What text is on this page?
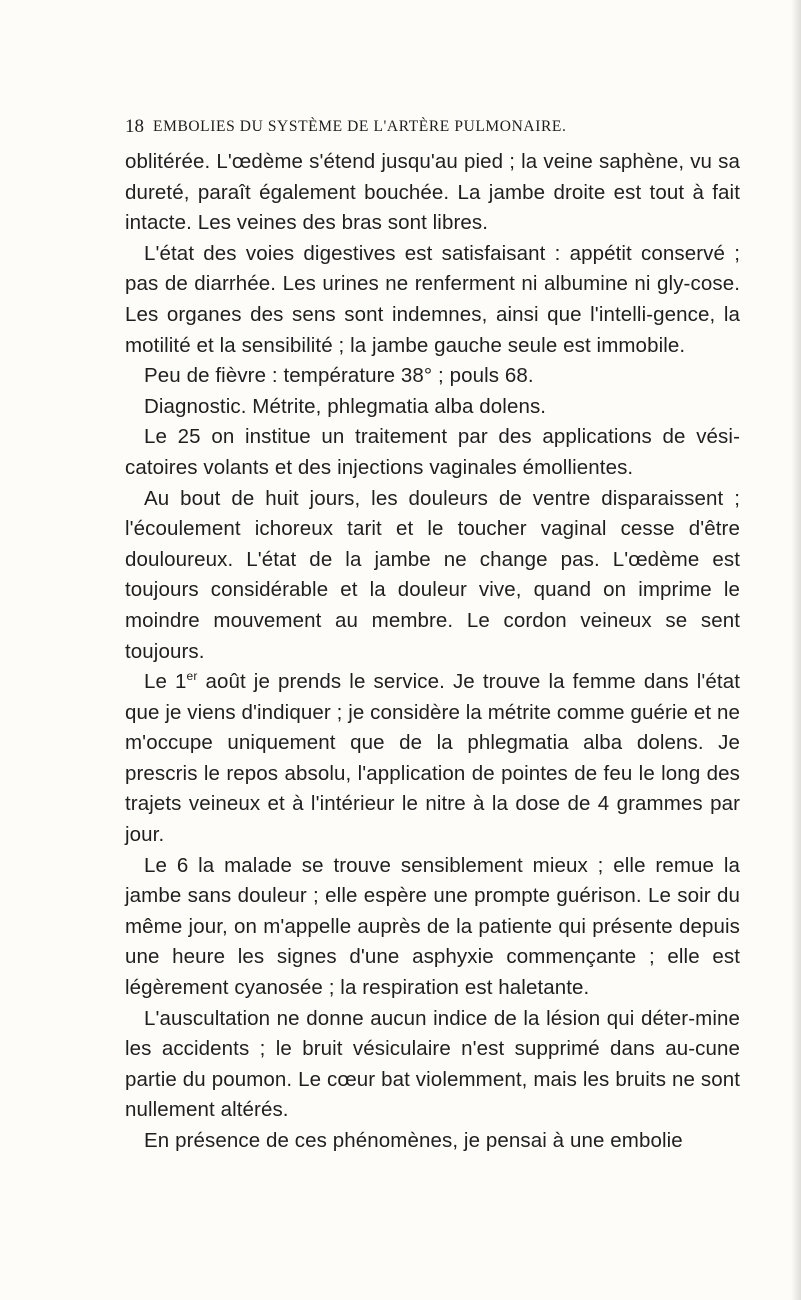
18 EMBOLIES DU SYSTÈME DE L'ARTÈRE PULMONAIRE.

oblitérée. L'œdème s'étend jusqu'au pied ; la veine saphène, vu sa dureté, paraît également bouchée. La jambe droite est tout à fait intacte. Les veines des bras sont libres.

L'état des voies digestives est satisfaisant : appétit conservé ; pas de diarrhée. Les urines ne renferment ni albumine ni gly-cose. Les organes des sens sont indemnes, ainsi que l'intelli-gence, la motilité et la sensibilité ; la jambe gauche seule est immobile.

Peu de fièvre : température 38° ; pouls 68.

Diagnostic. Métrite, phlegmatia alba dolens.

Le 25 on institue un traitement par des applications de vési-catoires volants et des injections vaginales émollientes.

Au bout de huit jours, les douleurs de ventre disparaissent ; l'écoulement ichoreux tarit et le toucher vaginal cesse d'être douloureux. L'état de la jambe ne change pas. L'œdème est toujours considérable et la douleur vive, quand on imprime le moindre mouvement au membre. Le cordon veineux se sent toujours.

Le 1er août je prends le service. Je trouve la femme dans l'état que je viens d'indiquer ; je considère la métrite comme guérie et ne m'occupe uniquement que de la phlegmatia alba dolens. Je prescris le repos absolu, l'application de pointes de feu le long des trajets veineux et à l'intérieur le nitre à la dose de 4 grammes par jour.

Le 6 la malade se trouve sensiblement mieux ; elle remue la jambe sans douleur ; elle espère une prompte guérison. Le soir du même jour, on m'appelle auprès de la patiente qui présente depuis une heure les signes d'une asphyxie commençante ; elle est légèrement cyanosée ; la respiration est haletante.

L'auscultation ne donne aucun indice de la lésion qui déter-mine les accidents ; le bruit vésiculaire n'est supprimé dans au-cune partie du poumon. Le cœur bat violemment, mais les bruits ne sont nullement altérés.

En présence de ces phénomènes, je pensai à une embolie
